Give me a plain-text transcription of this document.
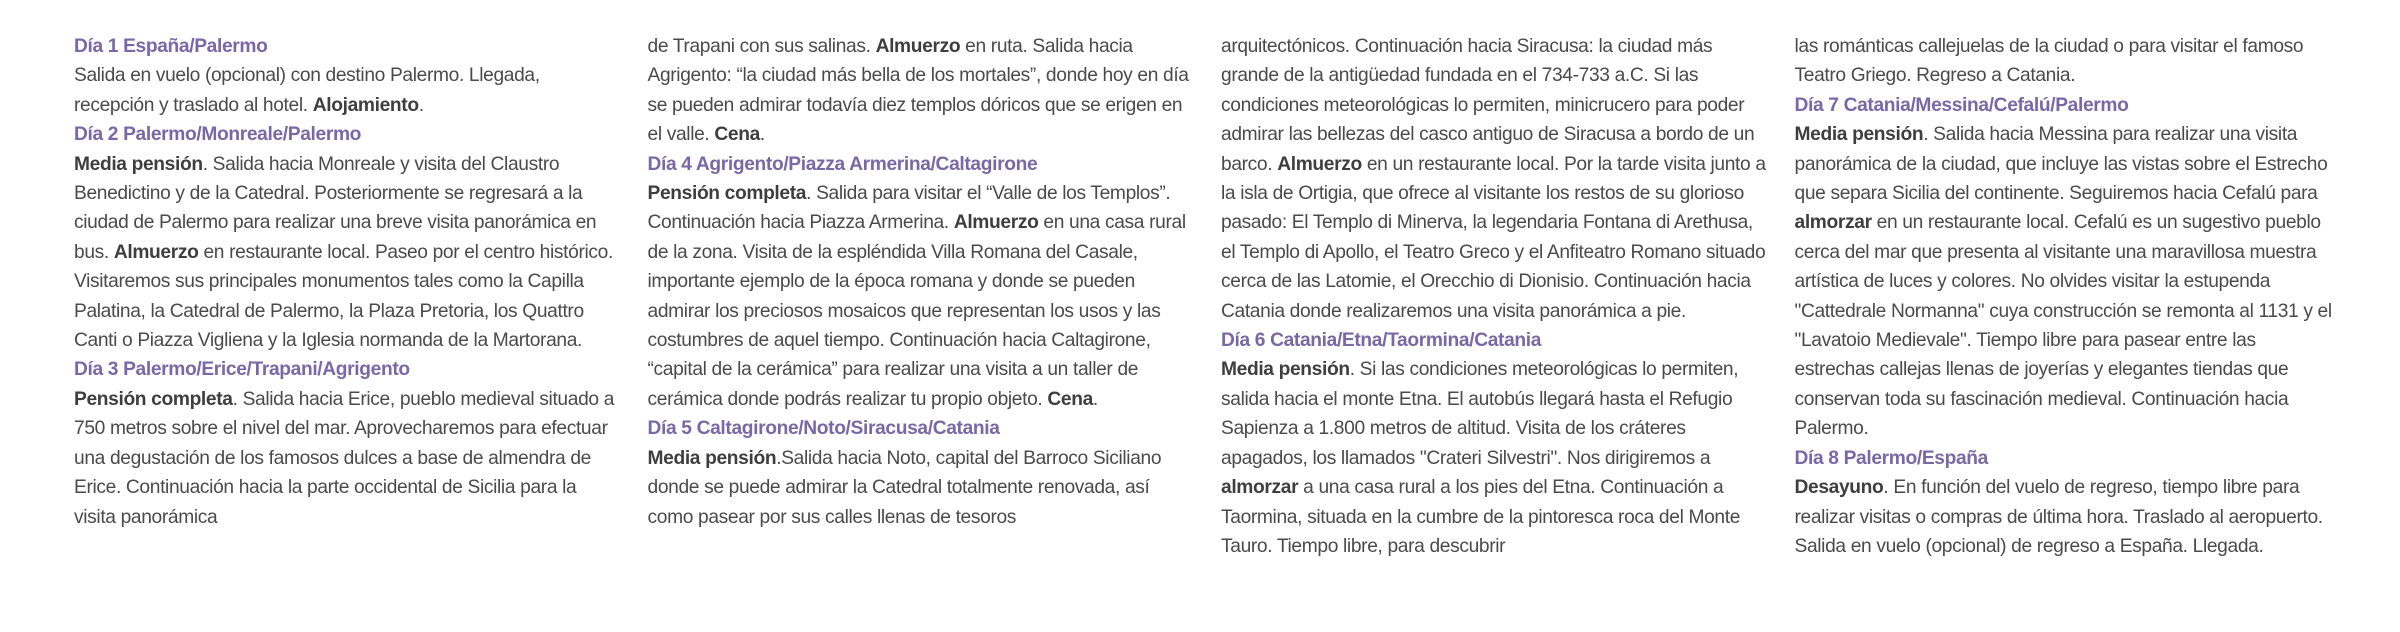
Día 1 España/Palermo
Salida en vuelo (opcional) con destino Palermo. Llegada, recepción y traslado al hotel. Alojamiento.
Día 2 Palermo/Monreale/Palermo
Media pensión. Salida hacia Monreale y visita del Claustro Benedictino y de la Catedral. Posteriormente se regresará a la ciudad de Palermo para realizar una breve visita panorámica en bus. Almuerzo en restaurante local. Paseo por el centro histórico. Visitaremos sus principales monumentos tales como la Capilla Palatina, la Catedral de Palermo, la Plaza Pretoria, los Quattro Canti o Piazza Vigliena y la Iglesia normanda de la Martorana.
Día 3 Palermo/Erice/Trapani/Agrigento
Pensión completa. Salida hacia Erice, pueblo medieval situado a 750 metros sobre el nivel del mar. Aprovecharemos para efectuar una degustación de los famosos dulces a base de almendra de Erice. Continuación hacia la parte occidental de Sicilia para la visita panorámica
de Trapani con sus salinas. Almuerzo en ruta. Salida hacia Agrigento: “la ciudad más bella de los mortales”, donde hoy en día se pueden admirar todavía diez templos dóricos que se erigen en el valle. Cena.
Día 4 Agrigento/Piazza Armerina/Caltagirone
Pensión completa. Salida para visitar el “Valle de los Templos”. Continuación hacia Piazza Armerina. Almuerzo en una casa rural de la zona. Visita de la espléndida Villa Romana del Casale, importante ejemplo de la época romana y donde se pueden admirar los preciosos mosaicos que representan los usos y las costumbres de aquel tiempo. Continuación hacia Caltagirone, “capital de la cerámica” para realizar una visita a un taller de cerámica donde podrás realizar tu propio objeto. Cena.
Día 5 Caltagirone/Noto/Siracusa/Catania
Media pensión.Salida hacia Noto, capital del Barroco Siciliano donde se puede admirar la Catedral totalmente renovada, así como pasear por sus calles llenas de tesoros
arquitectónicos. Continuación hacia Siracusa: la ciudad más grande de la antigüedad fundada en el 734-733 a.C. Si las condiciones meteorológicas lo permiten, minicrucero para poder admirar las bellezas del casco antiguo de Siracusa a bordo de un barco. Almuerzo en un restaurante local. Por la tarde visita junto a la isla de Ortigia, que ofrece al visitante los restos de su glorioso pasado: El Templo di Minerva, la legendaria Fontana di Arethusa, el Templo di Apollo, el Teatro Greco y el Anfiteatro Romano situado cerca de las Latomie, el Orecchio di Dionisio. Continuación hacia Catania donde realizaremos una visita panorámica a pie.
Día 6 Catania/Etna/Taormina/Catania
Media pensión. Si las condiciones meteorológicas lo permiten, salida hacia el monte Etna. El autobús llegará hasta el Refugio Sapienza a 1.800 metros de altitud. Visita de los cráteres apagados, los llamados "Crateri Silvestri". Nos dirigiremos a almorzar a una casa rural a los pies del Etna. Continuación a Taormina, situada en la cumbre de la pintoresca roca del Monte Tauro. Tiempo libre, para descubrir
las románticas callejuelas de la ciudad o para visitar el famoso Teatro Griego. Regreso a Catania.
Día 7 Catania/Messina/Cefalú/Palermo
Media pensión. Salida hacia Messina para realizar una visita panorámica de la ciudad, que incluye las vistas sobre el Estrecho que separa Sicilia del continente. Seguiremos hacia Cefalú para almorzar en un restaurante local. Cefalú es un sugestivo pueblo cerca del mar que presenta al visitante una maravillosa muestra artística de luces y colores. No olvides visitar la estupenda "Cattedrale Normanna" cuya construcción se remonta al 1131 y el "Lavatoio Medievale". Tiempo libre para pasear entre las estrechas callejas llenas de joyerías y elegantes tiendas que conservan toda su fascinación medieval. Continuación hacia Palermo.
Día 8 Palermo/España
Desayuno. En función del vuelo de regreso, tiempo libre para realizar visitas o compras de última hora. Traslado al aeropuerto. Salida en vuelo (opcional) de regreso a España. Llegada.
